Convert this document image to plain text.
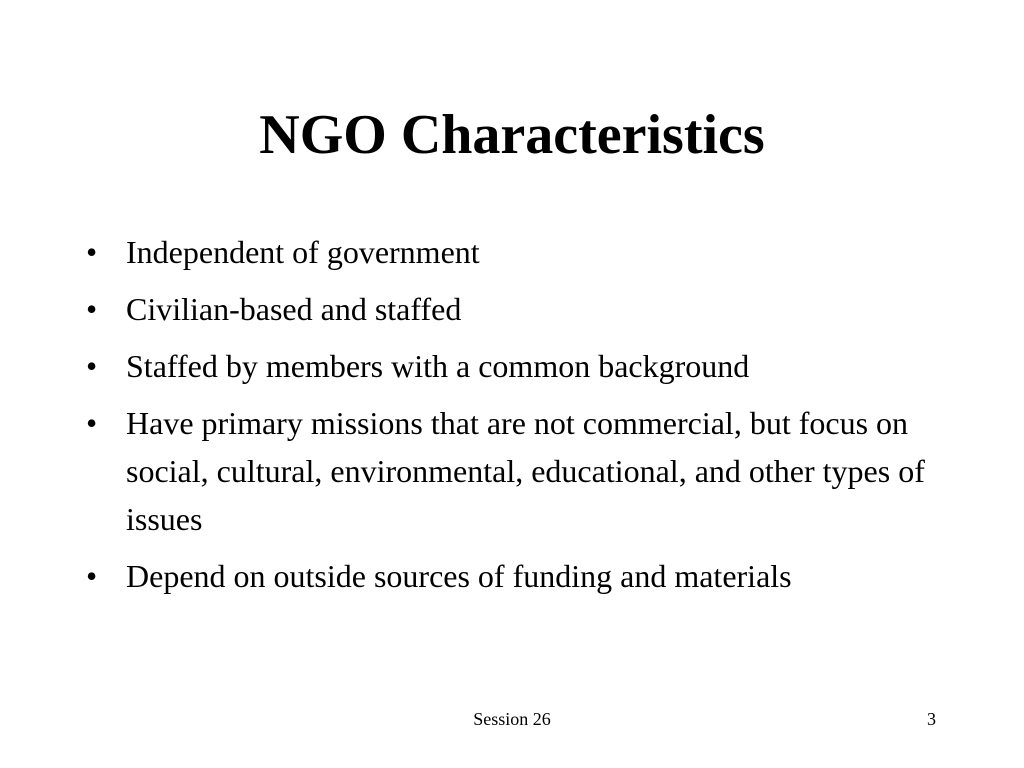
NGO Characteristics
• Independent of government
• Civilian-based and staffed
• Staffed by members with a common background
• Have primary missions that are not commercial, but focus on social, cultural, environmental, educational, and other types of issues
• Depend on outside sources of funding and materials
Session 26	3
